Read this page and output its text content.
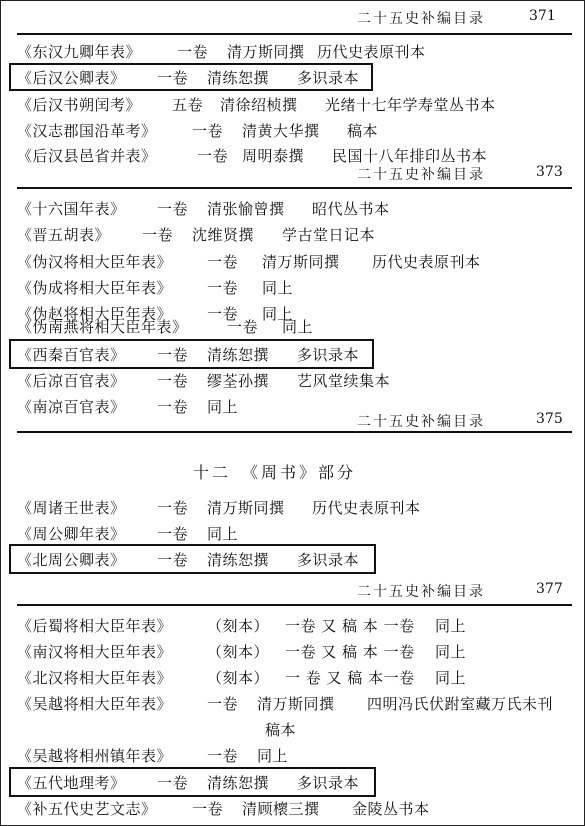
二十五史补编目录	371
《东汉九卿年表》 一卷 清万斯同撰 历代史表原刊本
《后汉公卿表》 一卷 清练恕撰 多识录本
《后汉书朔闰考》 五卷 清徐绍桢撰 光绪十七年学寿堂丛书本
《汉志郡国沿革考》 一卷 清黄大华撰 稿本
《后汉县邑省并表》	一卷 周明泰撰 民国十八年排印丛书本
二十五史补编目录	373
《十六国年表》 一卷 清张愉曾撰 昭代丛书本
《晋五胡表》 一卷 沈维贤撰 学古堂日记本
《伪汉将相大臣年表》 一卷 清万斯同撰 历代史表原刊本
《伪成将相大臣年表》 一卷 同上
《伪赵将相大臣年表》 一卷 同上
《伪南燕将相大臣年表》	一卷 同上
《西秦百官表》 一卷 清练恕撰 多识录本
《后凉百官表》 一卷 缪荃孙撰 艺风堂续集本
《南凉百官表》 一卷 同上
二十五史补编目录	375
十二　《周书》部分
《周诸王世表》 一卷 清万斯同撰 历代史表原刊本
《周公卿年表》 一卷 同上
《北周公卿表》 一卷 清练恕撰 多识录本
二十五史补编目录	377
《后蜀将相大臣年表》 （刻本） 一卷 又 稿 本 一卷 同上
《南汉将相大臣年表》 （刻本） 一卷 又 稿 本 一卷 同上
《北汉将相大臣年表》 （刻本） 一 卷 又 稿 本一卷 同上
《吴越将相大臣年表》 一卷 清万斯同撰 四明冯氏伏跗室藏万氏未刊
稿本
《吴越将相州镇年表》 一卷 同上
《五代地理考》 一卷 清练恕撰 多识录本
《补五代史艺文志》 一卷 清顾櫰三撰 金陵丛书本
